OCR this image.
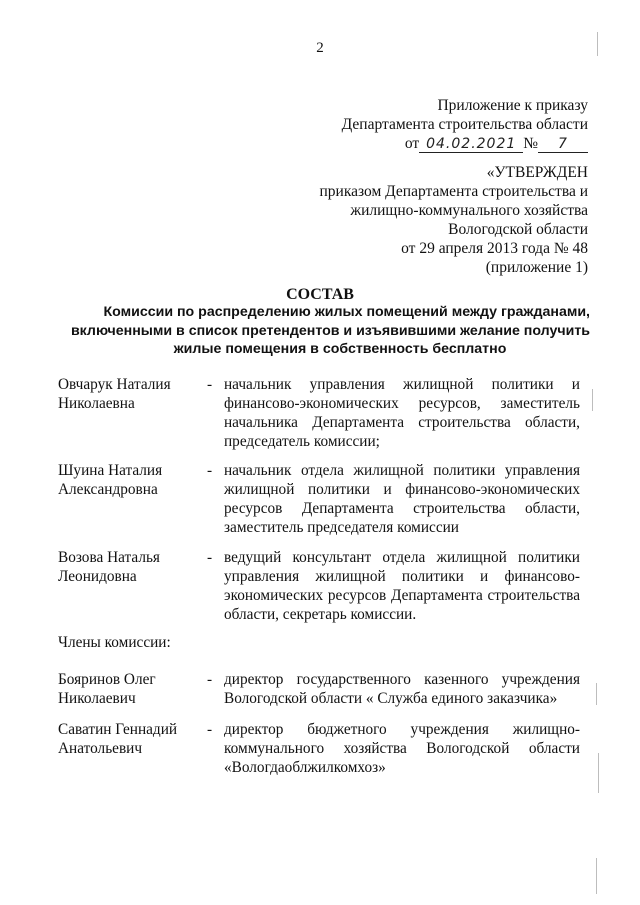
2
Приложение к приказу
Департамента строительства области
от 04.02.2021 № 7
«УТВЕРЖДЕН
приказом Департамента строительства и
жилищно-коммунального хозяйства
Вологодской области
от 29 апреля 2013 года № 48
(приложение 1)
СОСТАВ
Комиссии по распределению жилых помещений между гражданами,
включенными в список претендентов и изъявившими желание получить
жилые помещения в собственность бесплатно
Овчарук Наталия Николаевна
- начальник управления жилищной политики и финансово-экономических ресурсов, заместитель начальника Департамента строительства области, председатель комиссии;
Шуина Наталия Александровна
- начальник отдела жилищной политики управления жилищной политики и финансово-экономических ресурсов Департамента строительства области, заместитель председателя комиссии
Возова Наталья Леонидовна
- ведущий консультант отдела жилищной политики управления жилищной политики и финансово-экономических ресурсов Департамента строительства области, секретарь комиссии.
Члены комиссии:
Бояринов Олег Николаевич
- директор государственного казенного учреждения Вологодской области « Служба единого заказчика»
Саватин Геннадий Анатольевич
- директор бюджетного учреждения жилищно-коммунального хозяйства Вологодской области «Вологдаоблжилкомхоз»
